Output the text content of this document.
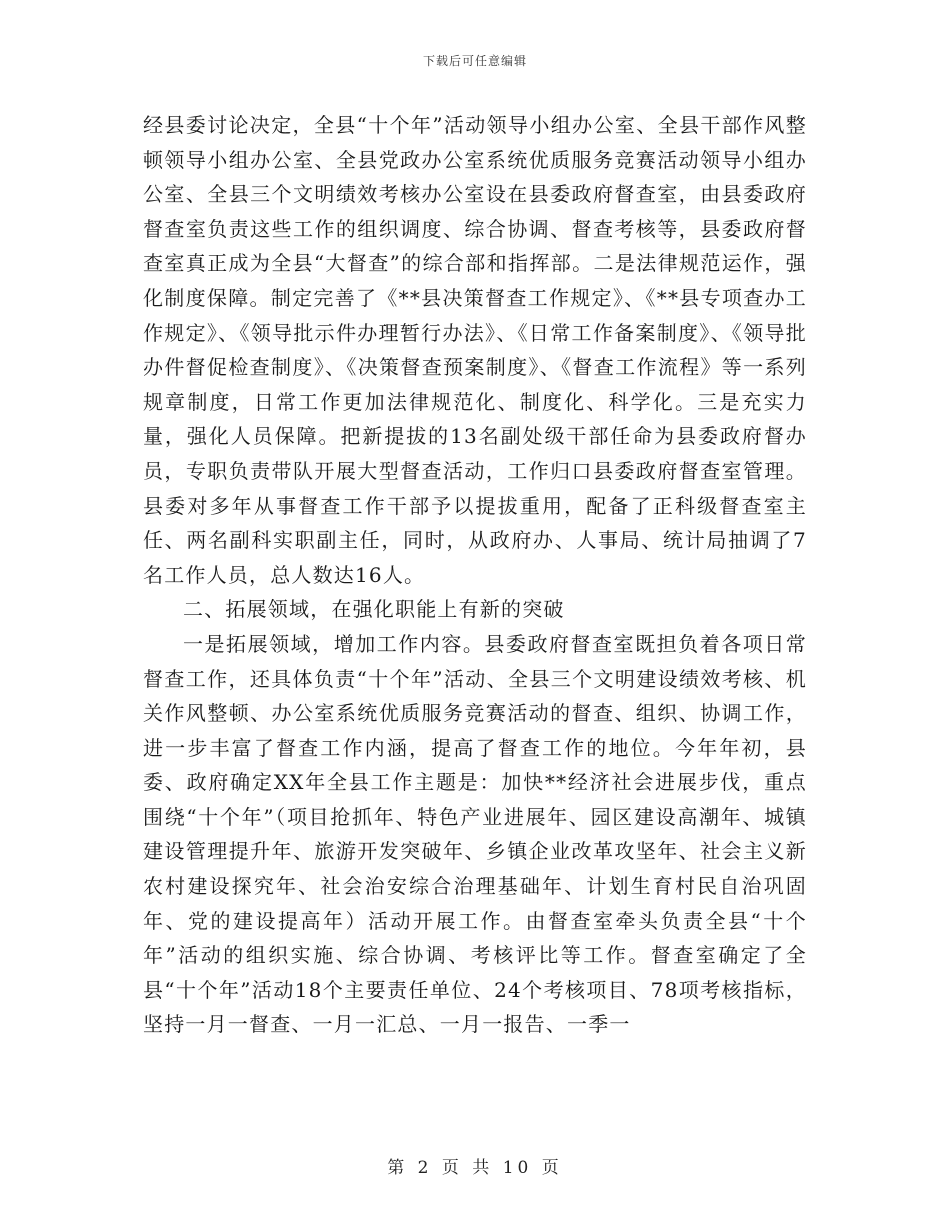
下载后可任意编辑

经县委讨论决定，全县“十个年”活动领导小组办公室、全县干部作风整顿领导小组办公室、全县党政办公室系统优质服务竞赛活动领导小组办公室、全县三个文明绩效考核办公室设在县委政府督查室，由县委政府督查室负责这些工作的组织调度、综合协调、督查考核等，县委政府督查室真正成为全县“大督查”的综合部和指挥部。二是法律规范运作，强化制度保障。制定完善了《**县决策督查工作规定》、《**县专项查办工作规定》、《领导批示件办理暂行办法》、《日常工作备案制度》、《领导批办件督促检查制度》、《决策督查预案制度》、《督查工作流程》等一系列规章制度，日常工作更加法律规范化、制度化、科学化。三是充实力量，强化人员保障。把新提拔的13名副处级干部任命为县委政府督办员，专职负责带队开展大型督查活动，工作归口县委政府督查室管理。县委对多年从事督查工作干部予以提拔重用，配备了正科级督查室主任、两名副科实职副主任，同时，从政府办、人事局、统计局抽调了7名工作人员，总人数达16人。

二、拓展领域，在强化职能上有新的突破

一是拓展领域，增加工作内容。县委政府督查室既担负着各项日常督查工作，还具体负责“十个年”活动、全县三个文明建设绩效考核、机关作风整顿、办公室系统优质服务竞赛活动的督查、组织、协调工作，进一步丰富了督查工作内涵，提高了督查工作的地位。今年年初，县委、政府确定XX年全县工作主题是：加快**经济社会进展步伐，重点围绕“十个年”（项目抢抓年、特色产业进展年、园区建设高潮年、城镇建设管理提升年、旅游开发突破年、乡镇企业改革攻坚年、社会主义新农村建设探究年、社会治安综合治理基础年、计划生育村民自治巩固年、党的建设提高年）活动开展工作。由督查室牵头负责全县“十个年”活动的组织实施、综合协调、考核评比等工作。督查室确定了全县“十个年”活动18个主要责任单位、24个考核项目、78项考核指标，坚持一月一督查、一月一汇总、一月一报告、一季一

第 2 页 共 10 页
